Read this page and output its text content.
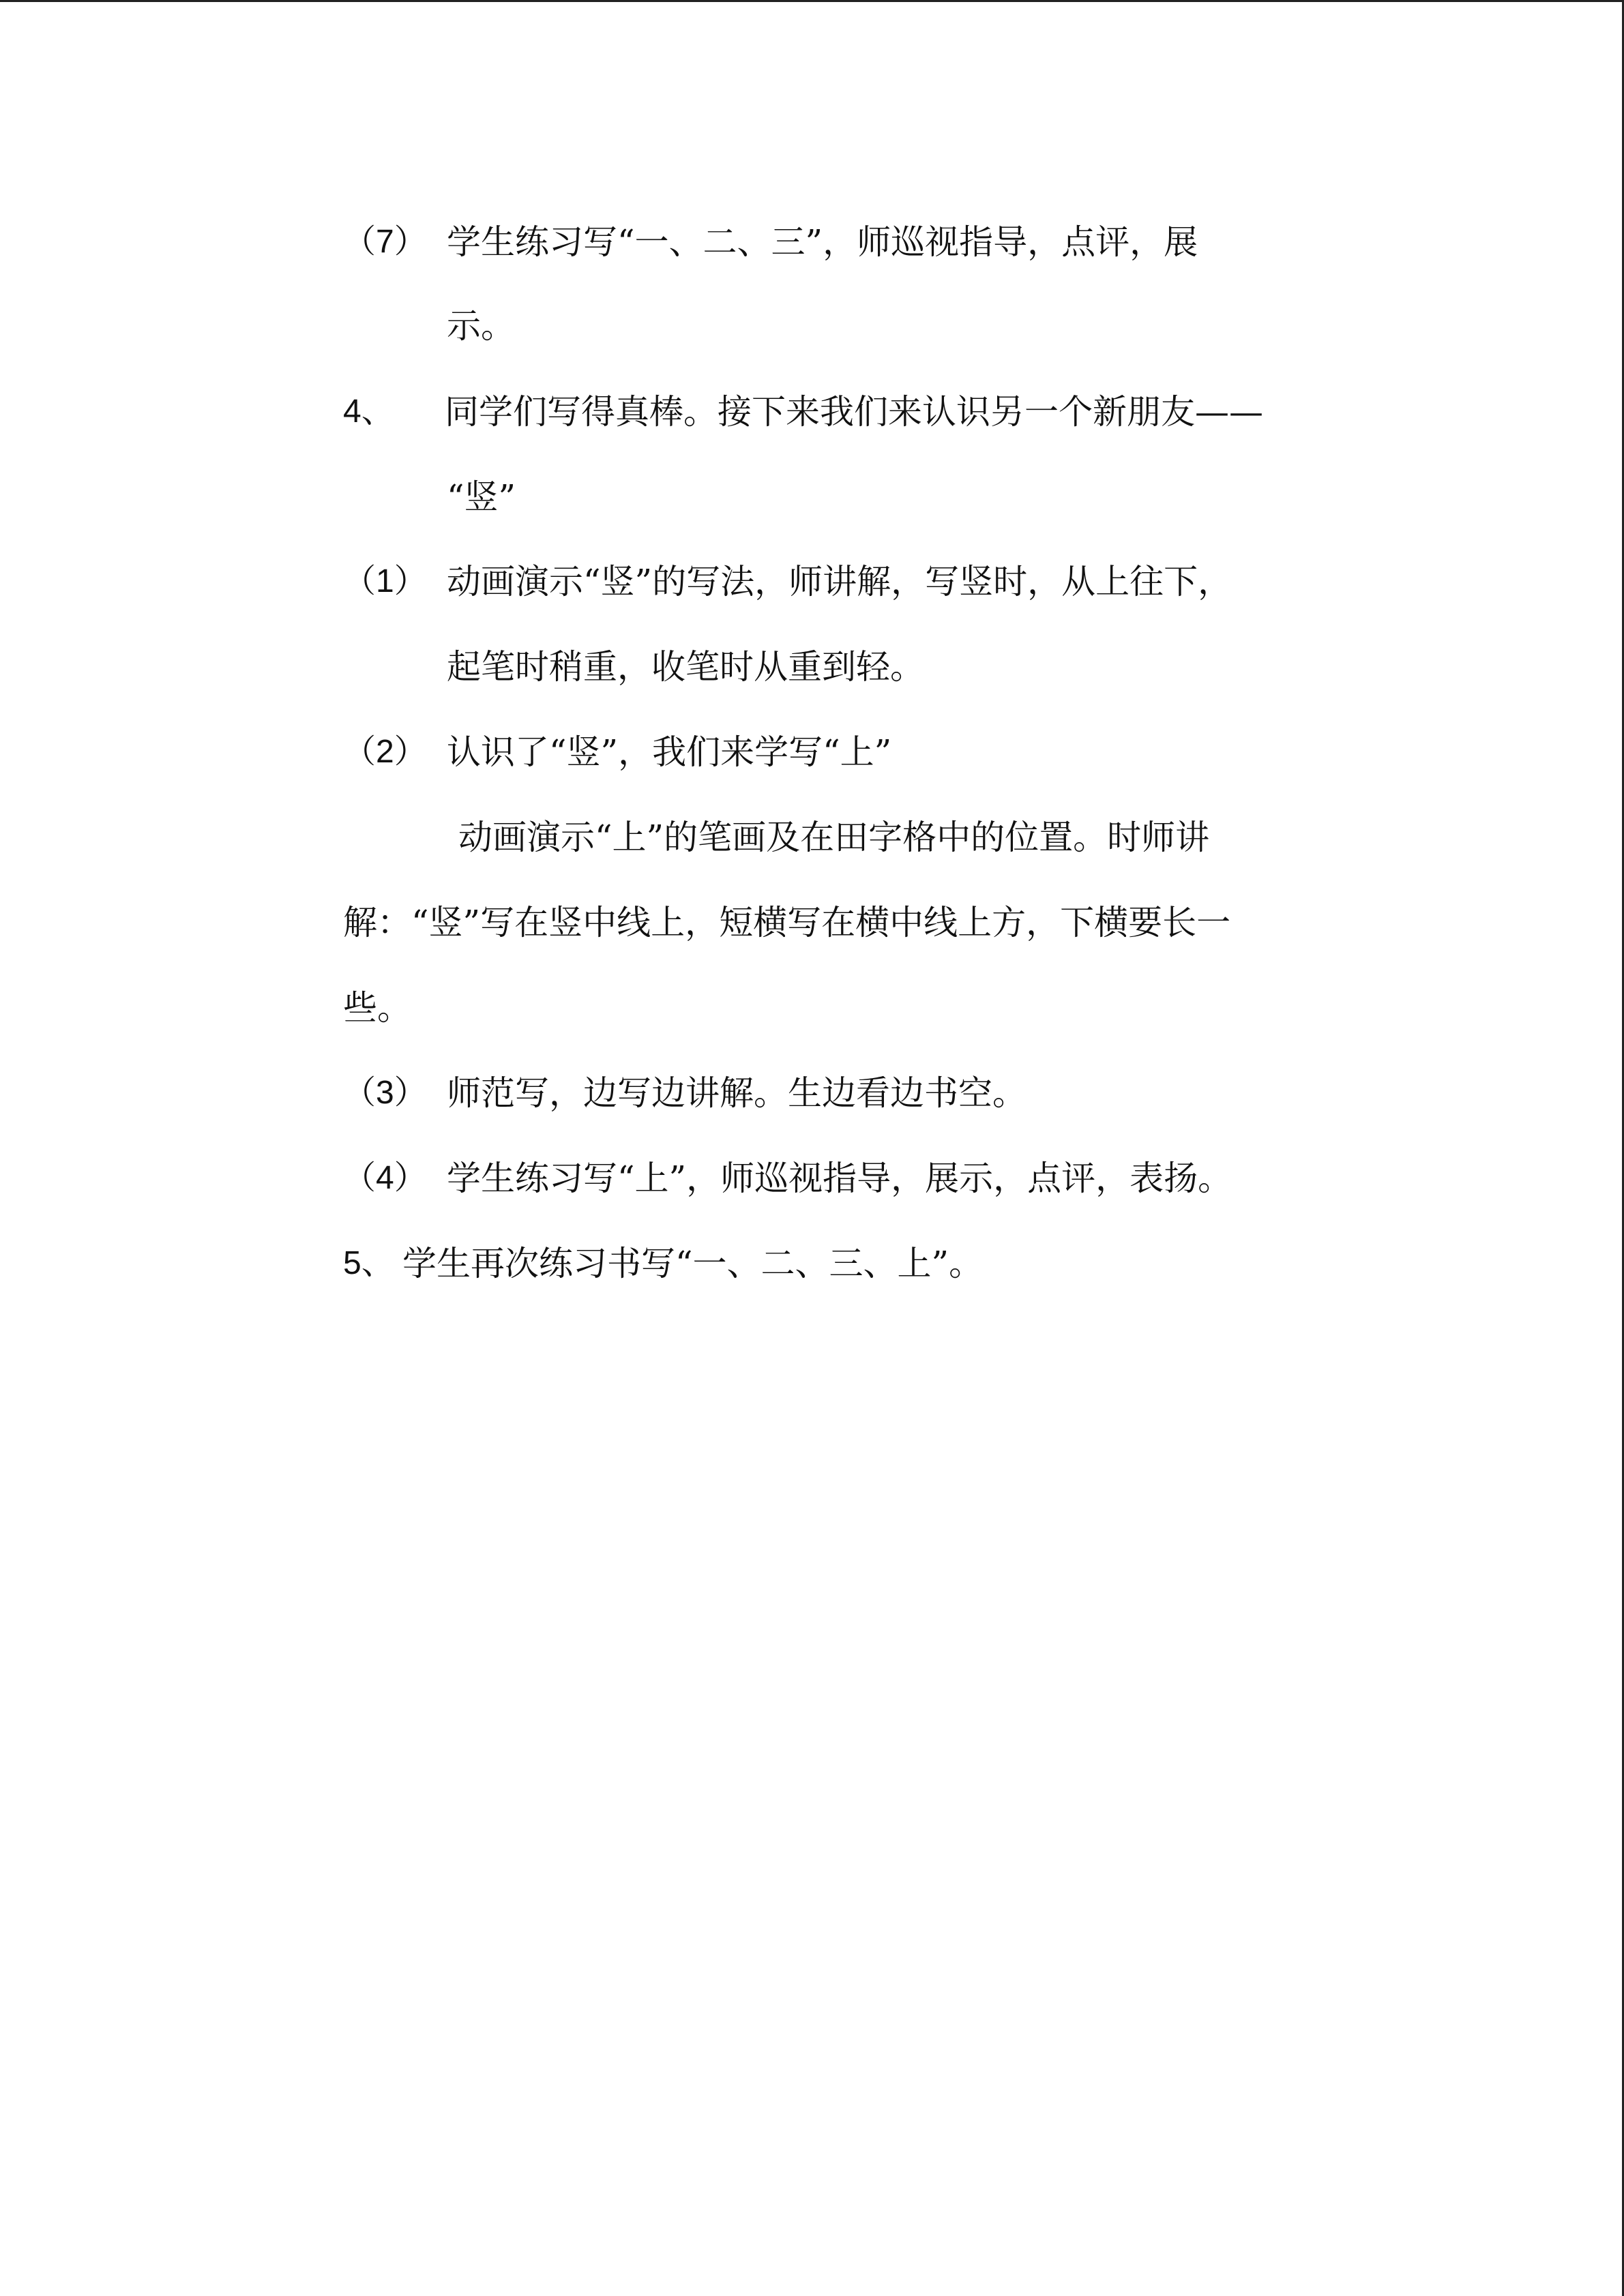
（7） 学生练习写“一、二、三”，师巡视指导，点评，展
示。
4、 同学们写得真棒。接下来我们来认识另一个新朋友——
“竖”
（1） 动画演示“竖”的写法，师讲解，写竖时，从上往下，
起笔时稍重，收笔时从重到轻。
（2） 认识了“竖”，我们来学写“上”
动画演示“上”的笔画及在田字格中的位置。时师讲
解：“竖”写在竖中线上，短横写在横中线上方，下横要长一
些。
（3） 师范写，边写边讲解。生边看边书空。
（4） 学生练习写“上”，师巡视指导，展示，点评，表扬。
5、 学生再次练习书写“一、二、三、上”。
